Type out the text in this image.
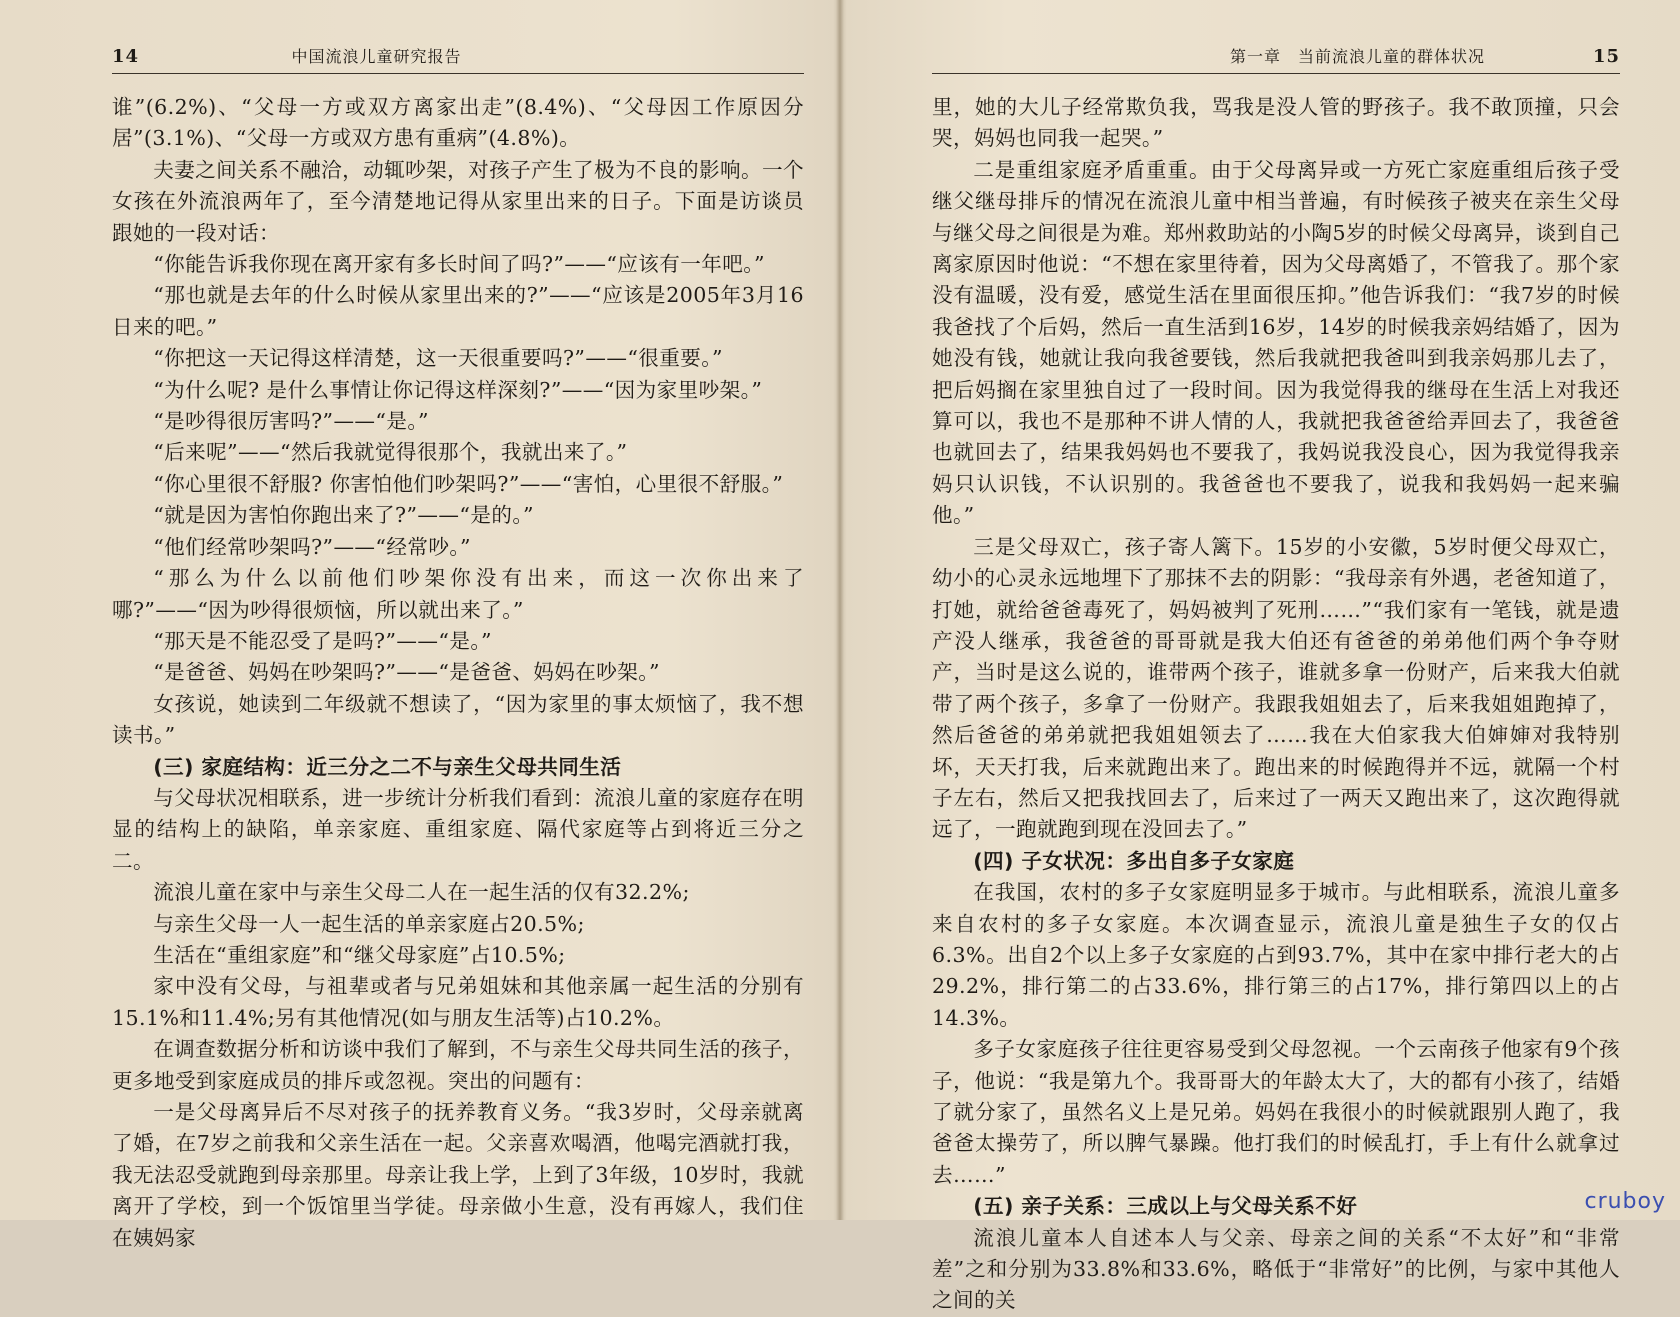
14	中国流浪儿童研究报告

谁”(6.2%)、“父母一方或双方离家出走”(8.4%)、“父母因工作原因分居”(3.1%)、“父母一方或双方患有重病”(4.8%)。

夫妻之间关系不融洽，动辄吵架，对孩子产生了极为不良的影响。一个女孩在外流浪两年了，至今清楚地记得从家里出来的日子。下面是访谈员跟她的一段对话：

“你能告诉我你现在离开家有多长时间了吗?”——“应该有一年吧。”

“那也就是去年的什么时候从家里出来的?”——“应该是2005年3月16日来的吧。”

“你把这一天记得这样清楚，这一天很重要吗?”——“很重要。”

“为什么呢? 是什么事情让你记得这样深刻?”——“因为家里吵架。”

“是吵得很厉害吗?”——“是。”

“后来呢”——“然后我就觉得很那个，我就出来了。”

“你心里很不舒服? 你害怕他们吵架吗?”——“害怕，心里很不舒服。”

“就是因为害怕你跑出来了?”——“是的。”

“他们经常吵架吗?”——“经常吵。”

“那么为什么以前他们吵架你没有出来，而这一次你出来了哪?”——“因为吵得很烦恼，所以就出来了。”

“那天是不能忍受了是吗?”——“是。”

“是爸爸、妈妈在吵架吗?”——“是爸爸、妈妈在吵架。”

女孩说，她读到二年级就不想读了，“因为家里的事太烦恼了，我不想读书。”

(三) 家庭结构：近三分之二不与亲生父母共同生活

与父母状况相联系，进一步统计分析我们看到：流浪儿童的家庭存在明显的结构上的缺陷，单亲家庭、重组家庭、隔代家庭等占到将近三分之二。

流浪儿童在家中与亲生父母二人在一起生活的仅有32.2%;

与亲生父母一人一起生活的单亲家庭占20.5%;

生活在“重组家庭”和“继父母家庭”占10.5%;

家中没有父母，与祖辈或者与兄弟姐妹和其他亲属一起生活的分别有15.1%和11.4%;另有其他情况(如与朋友生活等)占10.2%。

在调查数据分析和访谈中我们了解到，不与亲生父母共同生活的孩子，更多地受到家庭成员的排斥或忽视。突出的问题有：

一是父母离异后不尽对孩子的抚养教育义务。“我3岁时，父母亲就离了婚，在7岁之前我和父亲生活在一起。父亲喜欢喝酒，他喝完酒就打我，我无法忍受就跑到母亲那里。母亲让我上学，上到了3年级，10岁时，我就离开了学校，到一个饭馆里当学徒。母亲做小生意，没有再嫁人，我们住在姨妈家

第一章　当前流浪儿童的群体状况	15

里，她的大儿子经常欺负我，骂我是没人管的野孩子。我不敢顶撞，只会哭，妈妈也同我一起哭。”

二是重组家庭矛盾重重。由于父母离异或一方死亡家庭重组后孩子受继父继母排斥的情况在流浪儿童中相当普遍，有时候孩子被夹在亲生父母与继父母之间很是为难。郑州救助站的小陶5岁的时候父母离异，谈到自己离家原因时他说：“不想在家里待着，因为父母离婚了，不管我了。那个家没有温暖，没有爱，感觉生活在里面很压抑。”他告诉我们：“我7岁的时候我爸找了个后妈，然后一直生活到16岁，14岁的时候我亲妈结婚了，因为她没有钱，她就让我向我爸要钱，然后我就把我爸叫到我亲妈那儿去了，把后妈搁在家里独自过了一段时间。因为我觉得我的继母在生活上对我还算可以，我也不是那种不讲人情的人，我就把我爸爸给弄回去了，我爸爸也就回去了，结果我妈妈也不要我了，我妈说我没良心，因为我觉得我亲妈只认识钱，不认识别的。我爸爸也不要我了，说我和我妈妈一起来骗他。”

三是父母双亡，孩子寄人篱下。15岁的小安徽，5岁时便父母双亡，幼小的心灵永远地埋下了那抹不去的阴影：“我母亲有外遇，老爸知道了，打她，就给爸爸毒死了，妈妈被判了死刑……”“我们家有一笔钱，就是遗产没人继承，我爸爸的哥哥就是我大伯还有爸爸的弟弟他们两个争夺财产，当时是这么说的，谁带两个孩子，谁就多拿一份财产，后来我大伯就带了两个孩子，多拿了一份财产。我跟我姐姐去了，后来我姐姐跑掉了，然后爸爸的弟弟就把我姐姐领去了……我在大伯家我大伯婶婶对我特别坏，天天打我，后来就跑出来了。跑出来的时候跑得并不远，就隔一个村子左右，然后又把我找回去了，后来过了一两天又跑出来了，这次跑得就远了，一跑就跑到现在没回去了。”

(四) 子女状况：多出自多子女家庭

在我国，农村的多子女家庭明显多于城市。与此相联系，流浪儿童多来自农村的多子女家庭。本次调查显示，流浪儿童是独生子女的仅占6.3%。出自2个以上多子女家庭的占到93.7%，其中在家中排行老大的占29.2%，排行第二的占33.6%，排行第三的占17%，排行第四以上的占14.3%。

多子女家庭孩子往往更容易受到父母忽视。一个云南孩子他家有9个孩子，他说：“我是第九个。我哥哥大的年龄太大了，大的都有小孩了，结婚了就分家了，虽然名义上是兄弟。妈妈在我很小的时候就跟别人跑了，我爸爸太操劳了，所以脾气暴躁。他打我们的时候乱打，手上有什么就拿过去……”

(五) 亲子关系：三成以上与父母关系不好

流浪儿童本人自述本人与父亲、母亲之间的关系“不太好”和“非常差”之和分别为33.8%和33.6%，略低于“非常好”的比例，与家中其他人之间的关

cruboy
